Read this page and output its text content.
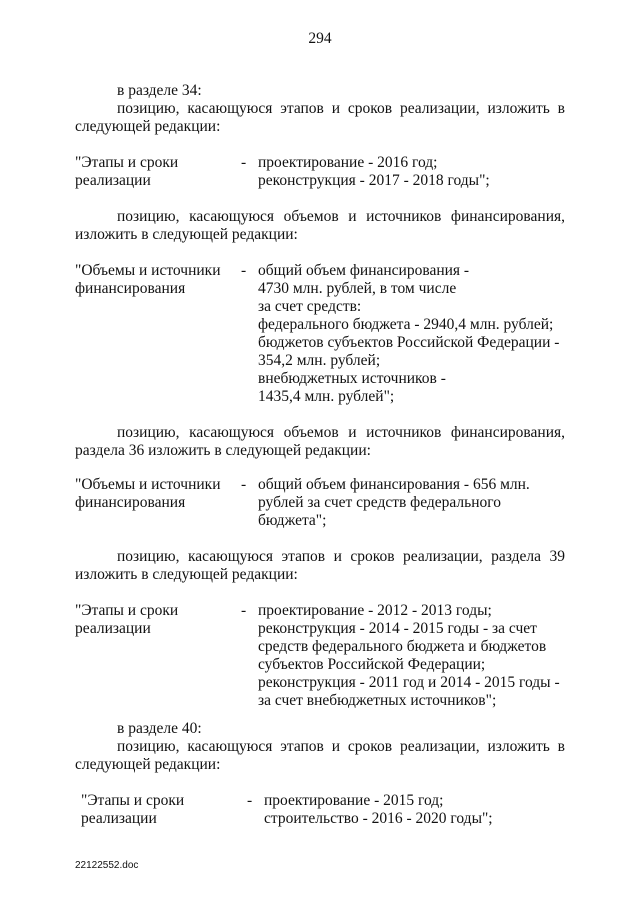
294
в разделе 34:
позицию, касающуюся этапов и сроков реализации, изложить в
следующей редакции:
"Этапы и сроки
реализации
- проектирование - 2016 год;
реконструкция - 2017 - 2018 годы";
позицию, касающуюся объемов и источников финансирования,
изложить в следующей редакции:
"Объемы и источники
финансирования
- общий объем финансирования -
4730 млн. рублей, в том числе
за счет средств:
федерального бюджета - 2940,4 млн. рублей;
бюджетов субъектов Российской Федерации -
354,2 млн. рублей;
внебюджетных источников -
1435,4 млн. рублей";
позицию, касающуюся объемов и источников финансирования,
раздела 36 изложить в следующей редакции:
"Объемы и источники
финансирования
- общий объем финансирования - 656 млн.
рублей за счет средств федерального
бюджета";
позицию, касающуюся этапов и сроков реализации, раздела 39
изложить в следующей редакции:
"Этапы и сроки
реализации
- проектирование - 2012 - 2013 годы;
реконструкция - 2014 - 2015 годы - за счет
средств федерального бюджета и бюджетов
субъектов Российской Федерации;
реконструкция - 2011 год и 2014 - 2015 годы -
за счет внебюджетных источников";
в разделе 40:
позицию, касающуюся этапов и сроков реализации, изложить в
следующей редакции:
"Этапы и сроки
реализации
- проектирование - 2015 год;
строительство - 2016 - 2020 годы";
22122552.doc
